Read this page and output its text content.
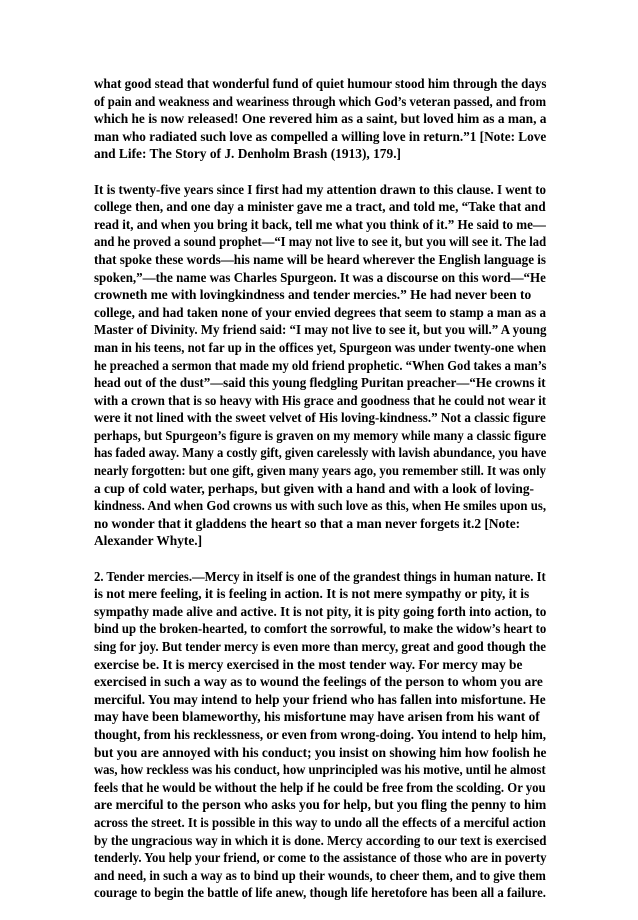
what good stead that wonderful fund of quiet humour stood him through the days
of pain and weakness and weariness through which God’s veteran passed, and from
which he is now released! One revered him as a saint, but loved him as a man, a
man who radiated such love as compelled a willing love in return.”1 [Note: Love
and Life: The Story of J. Denholm Brash (1913), 179.]

It is twenty-five years since I first had my attention drawn to this clause. I went to
college then, and one day a minister gave me a tract, and told me, “Take that and
read it, and when you bring it back, tell me what you think of it.” He said to me—
and he proved a sound prophet—“I may not live to see it, but you will see it. The lad
that spoke these words—his name will be heard wherever the English language is
spoken,”—the name was Charles Spurgeon. It was a discourse on this word—“He
crowneth me with lovingkindness and tender mercies.” He had never been to
college, and had taken none of your envied degrees that seem to stamp a man as a
Master of Divinity. My friend said: “I may not live to see it, but you will.” A young
man in his teens, not far up in the offices yet, Spurgeon was under twenty-one when
he preached a sermon that made my old friend prophetic. “When God takes a man’s
head out of the dust”—said this young fledgling Puritan preacher—“He crowns it
with a crown that is so heavy with His grace and goodness that he could not wear it
were it not lined with the sweet velvet of His loving-kindness.” Not a classic figure
perhaps, but Spurgeon’s figure is graven on my memory while many a classic figure
has faded away. Many a costly gift, given carelessly with lavish abundance, you have
nearly forgotten: but one gift, given many years ago, you remember still. It was only
a cup of cold water, perhaps, but given with a hand and with a look of loving-
kindness. And when God crowns us with such love as this, when He smiles upon us,
no wonder that it gladdens the heart so that a man never forgets it.2 [Note:
Alexander Whyte.]

2. Tender mercies.—Mercy in itself is one of the grandest things in human nature. It
is not mere feeling, it is feeling in action. It is not mere sympathy or pity, it is
sympathy made alive and active. It is not pity, it is pity going forth into action, to
bind up the broken-hearted, to comfort the sorrowful, to make the widow’s heart to
sing for joy. But tender mercy is even more than mercy, great and good though the
exercise be. It is mercy exercised in the most tender way. For mercy may be
exercised in such a way as to wound the feelings of the person to whom you are
merciful. You may intend to help your friend who has fallen into misfortune. He
may have been blameworthy, his misfortune may have arisen from his want of
thought, from his recklessness, or even from wrong-doing. You intend to help him,
but you are annoyed with his conduct; you insist on showing him how foolish he
was, how reckless was his conduct, how unprincipled was his motive, until he almost
feels that he would be without the help if he could be free from the scolding. Or you
are merciful to the person who asks you for help, but you fling the penny to him
across the street. It is possible in this way to undo all the effects of a merciful action
by the ungracious way in which it is done. Mercy according to our text is exercised
tenderly. You help your friend, or come to the assistance of those who are in poverty
and need, in such a way as to bind up their wounds, to cheer them, and to give them
courage to begin the battle of life anew, though life heretofore has been all a failure.
